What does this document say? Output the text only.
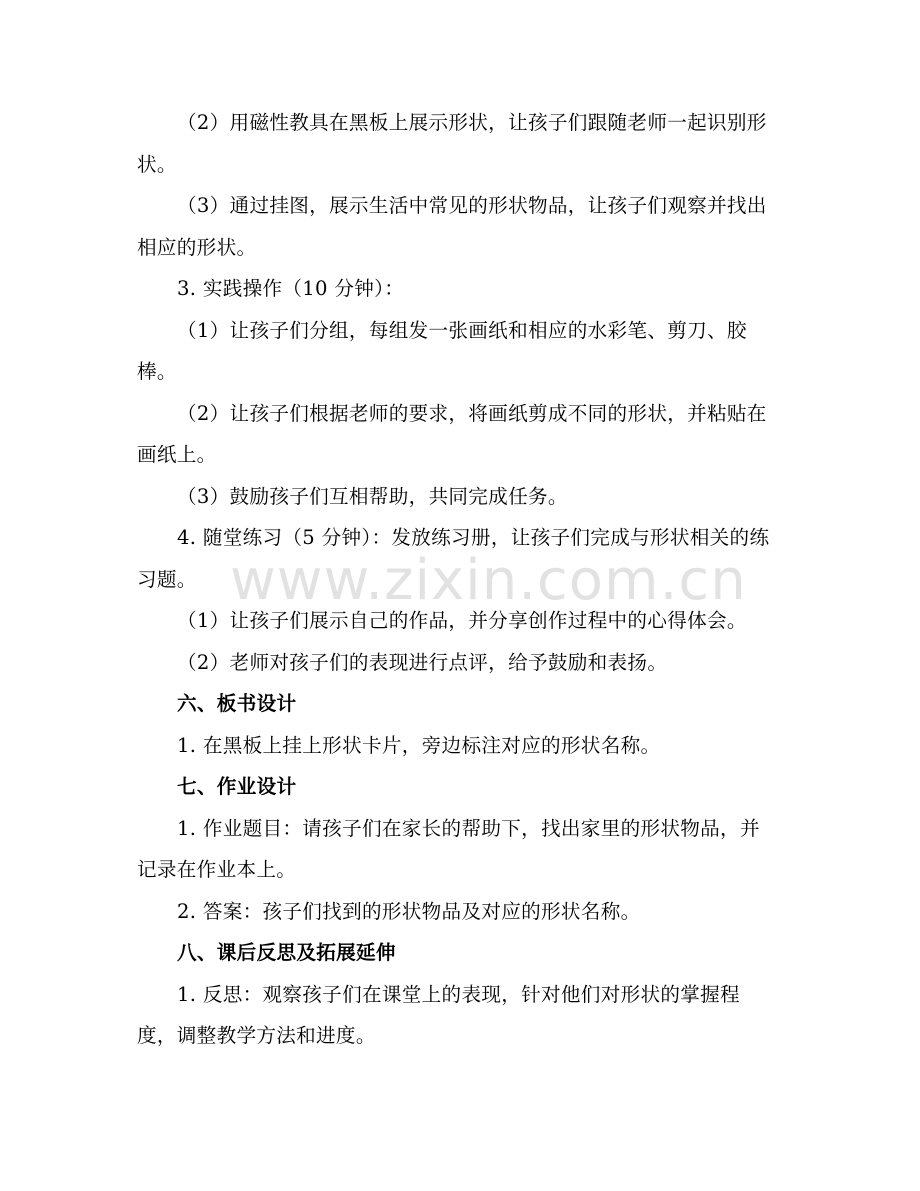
（2）用磁性教具在黑板上展示形状，让孩子们跟随老师一起识别形状。

（3）通过挂图，展示生活中常见的形状物品，让孩子们观察并找出相应的形状。

3. 实践操作（10 分钟）：

（1）让孩子们分组，每组发一张画纸和相应的水彩笔、剪刀、胶棒。

（2）让孩子们根据老师的要求，将画纸剪成不同的形状，并粘贴在画纸上。

（3）鼓励孩子们互相帮助，共同完成任务。

4. 随堂练习（5 分钟）：发放练习册，让孩子们完成与形状相关的练习题。

（1）让孩子们展示自己的作品，并分享创作过程中的心得体会。

（2）老师对孩子们的表现进行点评，给予鼓励和表扬。

六、板书设计

1. 在黑板上挂上形状卡片，旁边标注对应的形状名称。

七、作业设计

1. 作业题目：请孩子们在家长的帮助下，找出家里的形状物品，并记录在作业本上。

2. 答案：孩子们找到的形状物品及对应的形状名称。

八、课后反思及拓展延伸

1. 反思：观察孩子们在课堂上的表现，针对他们对形状的掌握程度，调整教学方法和进度。

www.zixin.com.cn
